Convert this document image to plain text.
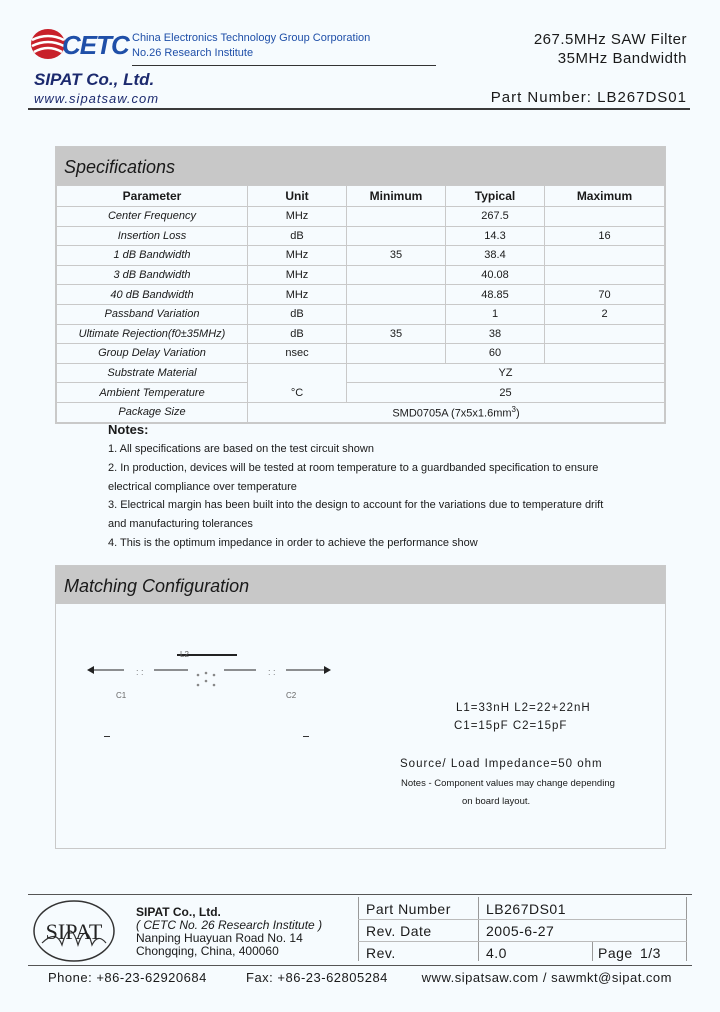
CETC China Electronics Technology Group Corporation
No.26 Research Institute
SIPAT Co., Ltd.
www.sipatsaw.com
267.5MHz SAW Filter
35MHz Bandwidth
Part Number: LB267DS01
Specifications
Parameter	Unit	Minimum	Typical	Maximum
Center Frequency	MHz		267.5	
Insertion Loss	dB		14.3	16
1 dB Bandwidth	MHz	35	38.4	
3 dB Bandwidth	MHz		40.08	
40 dB Bandwidth	MHz		48.85	70
Passband Variation	dB		1	2
Ultimate Rejection(f0±35MHz)	dB	35	38	
Group Delay Variation	nsec		60	
Substrate Material	°C	YZ		
Ambient Temperature		25		
Package Size	SMD0705A $(7x5x1.6mm^3)$			
Notes:
1. All specifications are based on the test circuit shown
2. In production, devices will be tested at room temperature to a guardbanded specification to ensure
electrical compliance over temperature
3. Electrical margin has been built into the design to account for the variations due to temperature drift
and manufacturing tolerances
4. This is the optimum impedance in order to achieve the performance show
Matching Configuration
: :	: :
L2
C1	C2
L1=33nH L2=22+22nH
C1=15pF C2=15pF
Source/ Load Impedance=50 ohm
Notes - Component values may change depending
on board layout.
SIPAT
SIPAT Co., Ltd.
( CETC No. 26 Research Institute )
Nanping Huayuan Road No. 14
Chongqing, China, 400060
Part Number	LB267DS01
Rev. Date	2005-6-27
Rev.	4.0	Page 1/3
Phone: +86-23-62920684	Fax: +86-23-62805284	www.sipatsaw.com / sawmkt@sipat.com
